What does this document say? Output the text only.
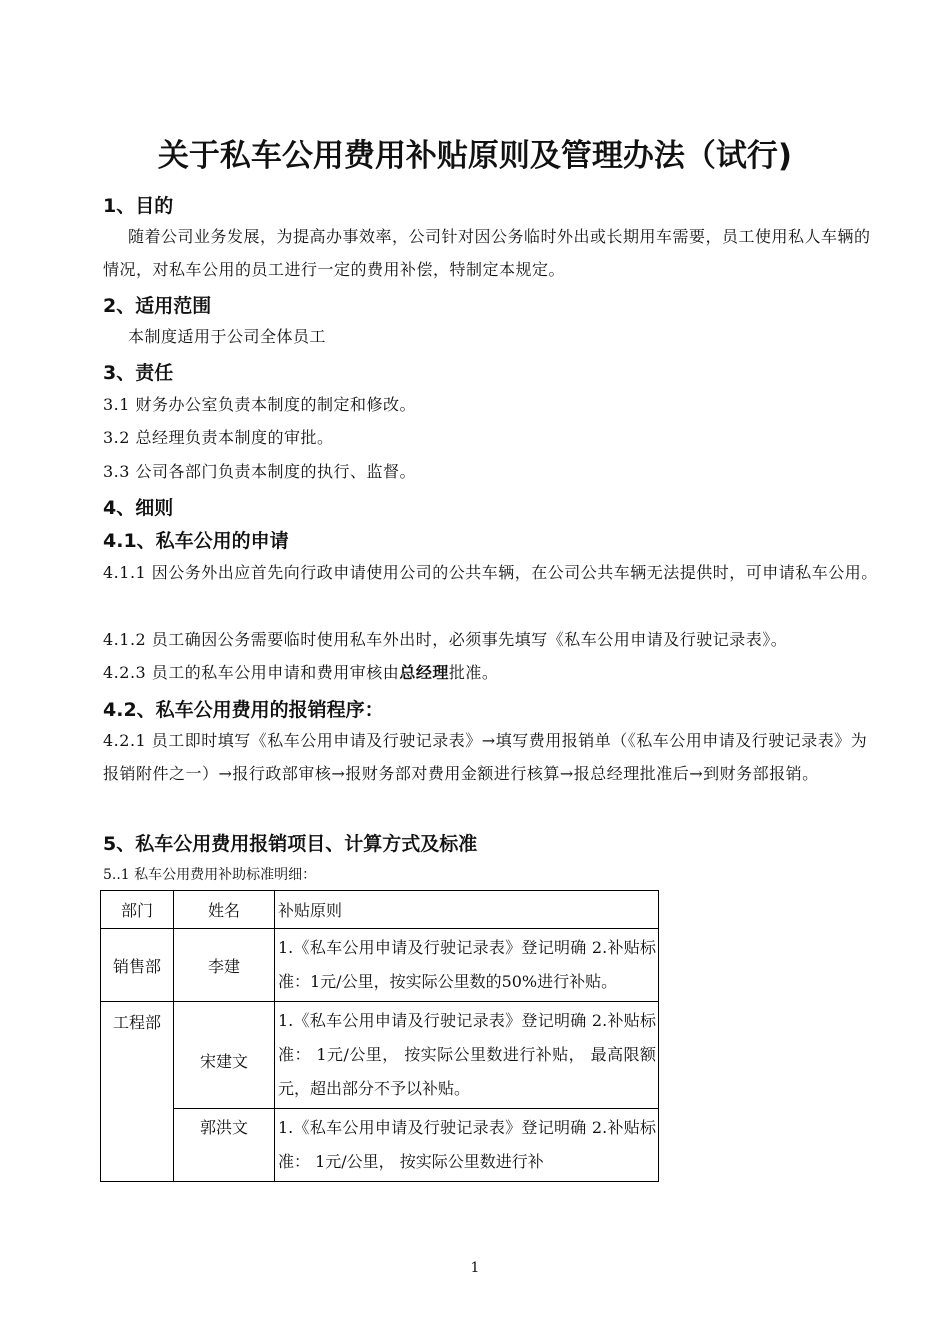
关于私车公用费用补贴原则及管理办法（试行)
1、目的
随着公司业务发展，为提高办事效率，公司针对因公务临时外出或长期用车需要，员工使用私人车辆的情况，对私车公用的员工进行一定的费用补偿，特制定本规定。
2、适用范围
本制度适用于公司全体员工
3、责任
3.1 财务办公室负责本制度的制定和修改。
3.2 总经理负责本制度的审批。
3.3 公司各部门负责本制度的执行、监督。
4、细则
4.1、私车公用的申请
4.1.1 因公务外出应首先向行政申请使用公司的公共车辆，在公司公共车辆无法提供时，可申请私车公用。
4.1.2 员工确因公务需要临时使用私车外出时，必须事先填写《私车公用申请及行驶记录表》。
4.2.3 员工的私车公用申请和费用审核由总经理批准。
4.2、私车公用费用的报销程序：
4.2.1 员工即时填写《私车公用申请及行驶记录表》→填写费用报销单（《私车公用申请及行驶记录表》为报销附件之一）→报行政部审核→报财务部对费用金额进行核算→报总经理批准后→到财务部报销。
5、私车公用费用报销项目、计算方式及标准
5..1 私车公用费用补助标准明细：
部门	姓名	补贴原则
销售部	李建	1.《私车公用申请及行驶记录表》登记明确 2.补贴标准：1元/公里，按实际公里数的50%进行补贴。

工程部	宋建文	1.《私车公用申请及行驶记录表》登记明确 2.补贴标准： 1元/公里， 按实际公里数进行补贴， 最高限额 元，超出部分不予以补贴。

	郭洪文	1.《私车公用申请及行驶记录表》登记明确 2.补贴标准： 1元/公里， 按实际公里数进行补
1
